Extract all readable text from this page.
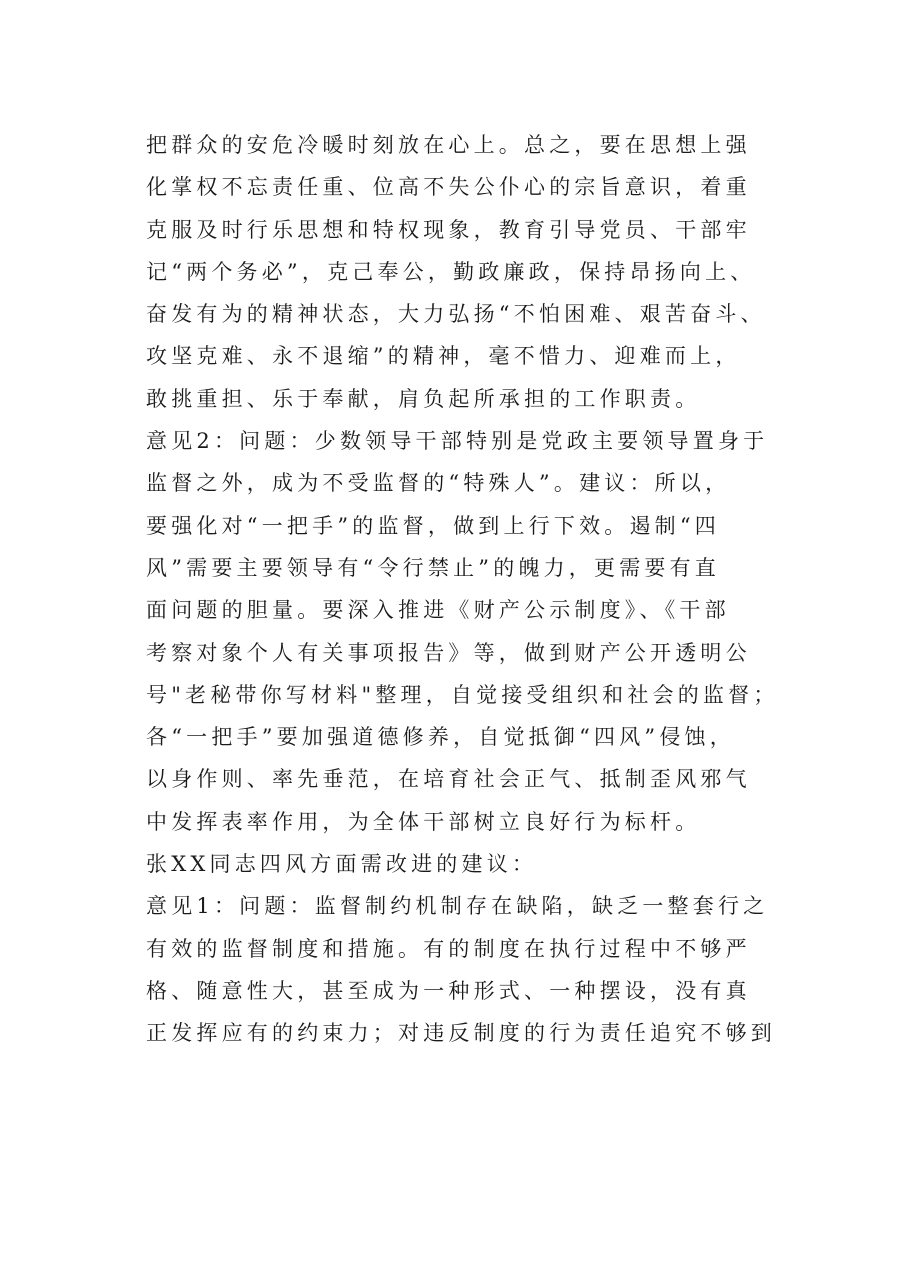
把群众的安危冷暖时刻放在心上。总之，要在思想上强
化掌权不忘责任重、位高不失公仆心的宗旨意识，着重
克服及时行乐思想和特权现象，教育引导党员、干部牢
记“两个务必”，克己奉公，勤政廉政，保持昂扬向上、
奋发有为的精神状态，大力弘扬“不怕困难、艰苦奋斗、
攻坚克难、永不退缩”的精神，毫不惜力、迎难而上，
敢挑重担、乐于奉献，肩负起所承担的工作职责。
意见2：问题：少数领导干部特别是党政主要领导置身于
监督之外，成为不受监督的“特殊人”。建议：所以，
要强化对“一把手”的监督，做到上行下效。遏制“四
风”需要主要领导有“令行禁止”的魄力，更需要有直
面问题的胆量。要深入推进《财产公示制度》、《干部
考察对象个人有关事项报告》等，做到财产公开透明公
号"老秘带你写材料"整理，自觉接受组织和社会的监督；
各“一把手”要加强道德修养，自觉抵御“四风”侵蚀，
以身作则、率先垂范，在培育社会正气、抵制歪风邪气
中发挥表率作用，为全体干部树立良好行为标杆。
张XX同志四风方面需改进的建议：
意见1：问题：监督制约机制存在缺陷，缺乏一整套行之
有效的监督制度和措施。有的制度在执行过程中不够严
格、随意性大，甚至成为一种形式、一种摆设，没有真
正发挥应有的约束力；对违反制度的行为责任追究不够到
